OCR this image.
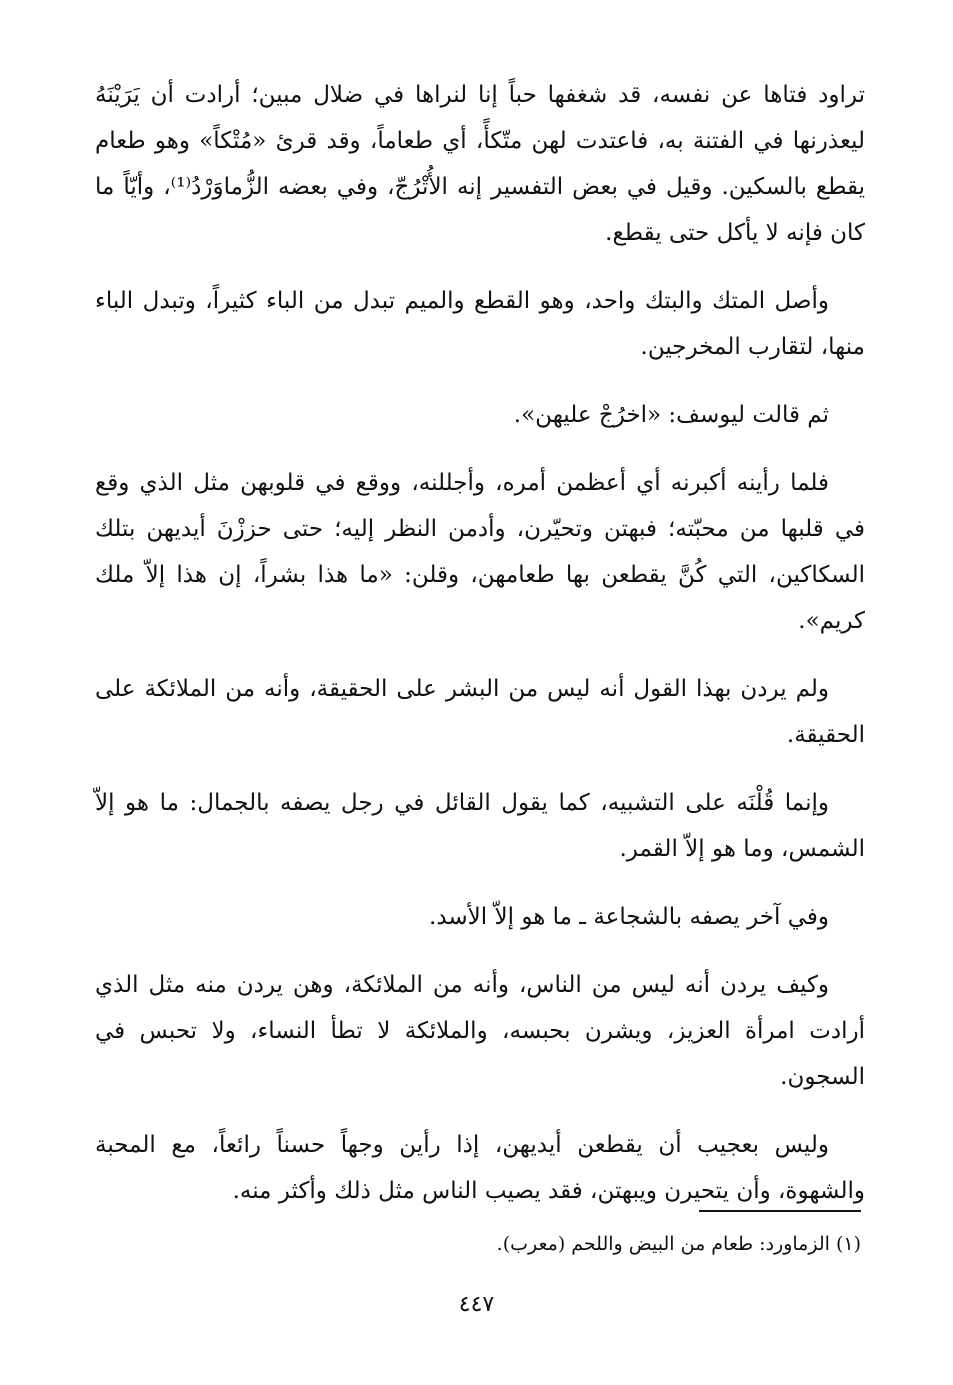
تراود فتاها عن نفسه، قد شغفها حباً إنا لنراها في ضلال مبين؛ أرادت أن يَرَيْنَهُ ليعذرنها في الفتنة به، فاعتدت لهن متّكأً، أي طعاماً، وقد قرئ «مُتْكاً» وهو طعام يقطع بالسكين. وقيل في بعض التفسير إنه الأُتْرُجّ، وفي بعضه الزُّماوَرْدُ⁽¹⁾، وأيّاً ما كان فإنه لا يأكل حتى يقطع.

وأصل المتك والبتك واحد، وهو القطع والميم تبدل من الباء كثيراً، وتبدل الباء منها، لتقارب المخرجين.

ثم قالت ليوسف: «اخرُجْ عليهن».

فلما رأينه أكبرنه أي أعظمن أمره، وأجللنه، ووقع في قلوبهن مثل الذي وقع في قلبها من محبّته؛ فبهتن وتحيّرن، وأدمن النظر إليه؛ حتى حززْنَ أيديهن بتلك السكاكين، التي كُنَّ يقطعن بها طعامهن، وقلن: «ما هذا بشراً، إن هذا إلاّ ملك كريم».

ولم يردن بهذا القول أنه ليس من البشر على الحقيقة، وأنه من الملائكة على الحقيقة.

وإنما قُلْنَه على التشبيه، كما يقول القائل في رجل يصفه بالجمال: ما هو إلاّ الشمس، وما هو إلاّ القمر.

وفي آخر يصفه بالشجاعة ـ ما هو إلاّ الأسد.

وكيف يردن أنه ليس من الناس، وأنه من الملائكة، وهن يردن منه مثل الذي أرادت امرأة العزيز، ويشرن بحبسه، والملائكة لا تطأ النساء، ولا تحبس في السجون.

وليس بعجيب أن يقطعن أيديهن، إذا رأين وجهاً حسناً رائعاً، مع المحبة والشهوة، وأن يتحيرن ويبهتن، فقد يصيب الناس مثل ذلك وأكثر منه.

(١) الزماورد: طعام من البيض واللحم (معرب).
٤٤٧
